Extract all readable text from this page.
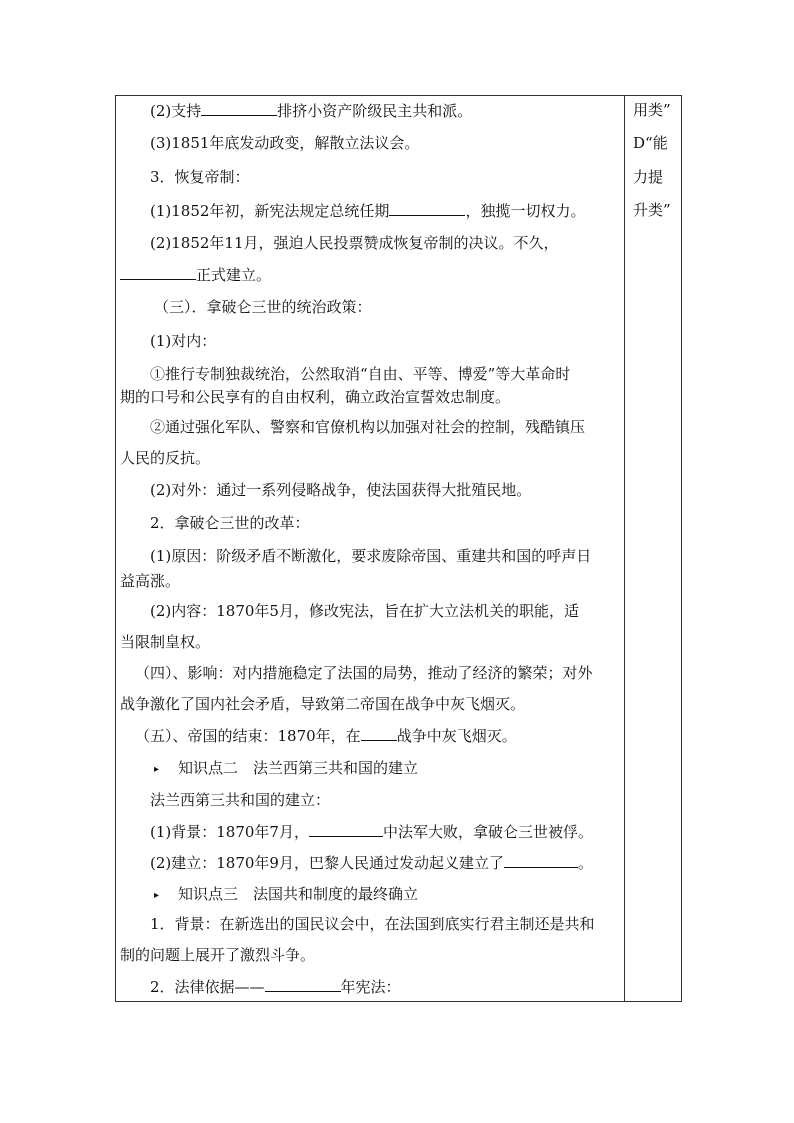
(2)支持	排挤小资产阶级民主共和派。
(3)1851年底发动政变，解散立法议会。
3．恢复帝制：
(1)1852年初，新宪法规定总统任期	，独揽一切权力。
(2)1852年11月，强迫人民投票赞成恢复帝制的决议。不久，
正式建立。
（三）．拿破仑三世的统治政策：
(1)对内：
①推行专制独裁统治，公然取消“自由、平等、博爱”等大革命时
期的口号和公民享有的自由权利，确立政治宣誓效忠制度。
②通过强化军队、警察和官僚机构以加强对社会的控制，残酷镇压
人民的反抗。
(2)对外：通过一系列侵略战争，使法国获得大批殖民地。
2．拿破仑三世的改革：
(1)原因：阶级矛盾不断激化，要求废除帝国、重建共和国的呼声日
益高涨。
(2)内容：1870年5月，修改宪法，旨在扩大立法机关的职能，适
当限制皇权。
（四）、影响：对内措施稳定了法国的局势，推动了经济的繁荣；对外
战争激化了国内社会矛盾，导致第二帝国在战争中灰飞烟灭。
（五）、帝国的结束：1870年，在 战争中灰飞烟灭。
▸ 知识点二　法兰西第三共和国的建立
法兰西第三共和国的建立：
(1)背景：1870年7月，	中法军大败，拿破仑三世被俘。
(2)建立：1870年9月，巴黎人民通过发动起义建立了	。
▸ 知识点三　法国共和制度的最终确立
1．背景：在新选出的国民议会中，在法国到底实行君主制还是共和
制的问题上展开了激烈斗争。
2．法律依据——	年宪法：
用类”
D“能
力提
升类”
